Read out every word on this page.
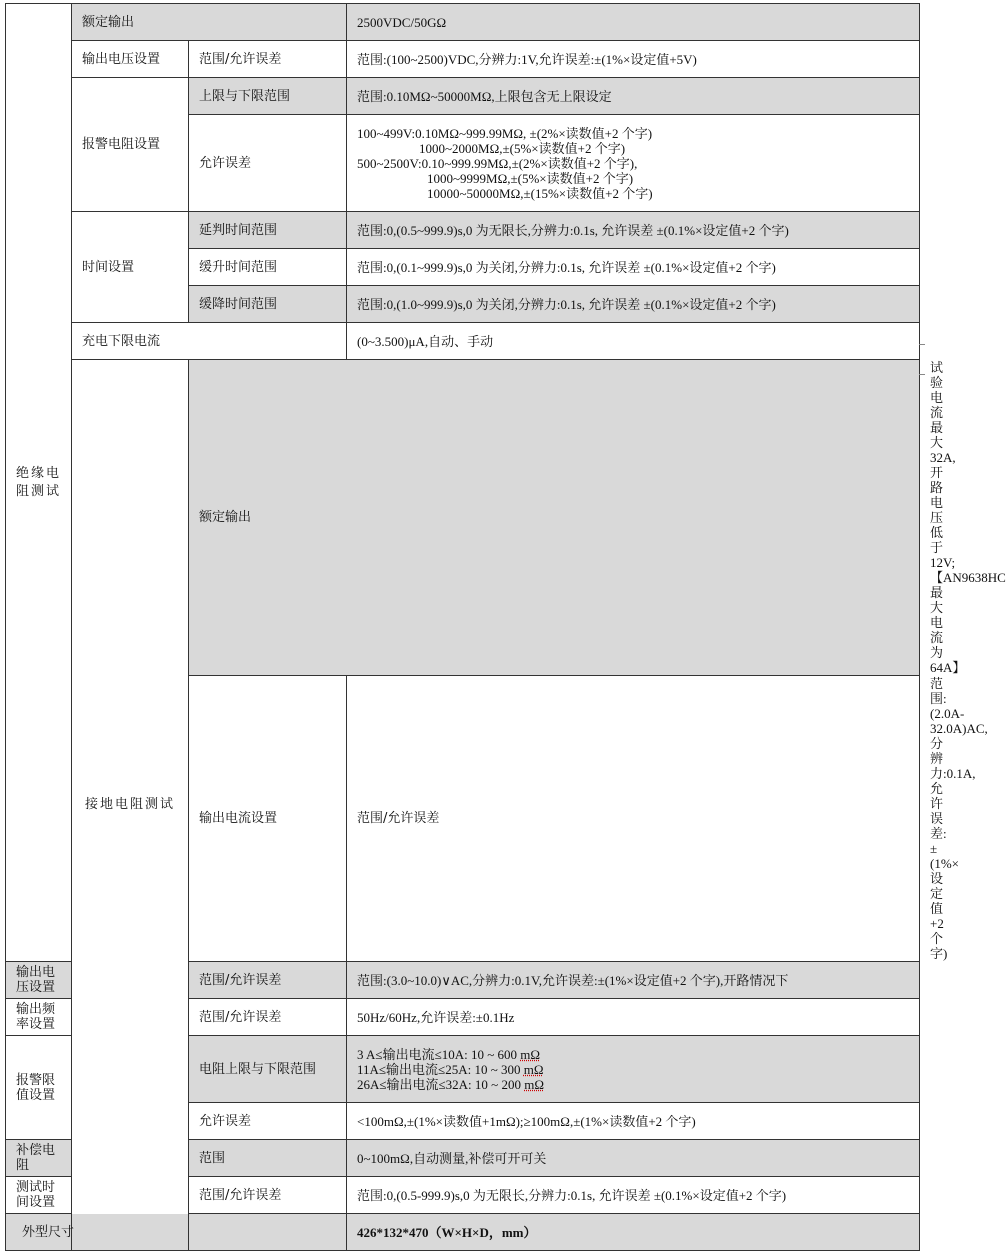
绝缘电阻测试	额定输出		2500VDC/50GΩ	
	输出电压设置	范围/允许误差	范围:(100~2500)VDC,分辨力:1V,允许误差:±(1%×设定值+5V)	
	报警电阻设置	上限与下限范围	范围:0.10MΩ~50000MΩ,上限包含无上限设定	
		允许误差	100~499V:0.10MΩ~999.99MΩ, ±(2%×读数值+2 个字)
1000~2000MΩ,±(5%×读数值+2 个字)
500~2500V:0.10~999.99MΩ,±(2%×读数值+2 个字),
1000~9999MΩ,±(5%×读数值+2 个字)
10000~50000MΩ,±(15%×读数值+2 个字)	

	时间设置	延判时间范围	范围:0,(0.5~999.9)s,0 为无限长,分辨力:0.1s, 允许误差 ±(0.1%×设定值+2 个字)	
		缓升时间范围	范围:0,(0.1~999.9)s,0 为关闭,分辨力:0.1s, 允许误差 ±(0.1%×设定值+2 个字)	
		缓降时间范围	范围:0,(1.0~999.9)s,0 为关闭,分辨力:0.1s, 允许误差 ±(0.1%×设定值+2 个字)	
	充电下限电流		(0~3.500)μA,自动、手动	
	接地电阻测试	额定输出		试验电流最大 32A, 开路电压低于 12V; 【AN9638HC 最大电流为 64A】
		输出电流设置	范围/允许误差	范围:(2.0A-32.0A)AC,分辨力:0.1A,允许误差:±(1%×设定值+2 个字)
输出电压设置		范围/允许误差	范围:(3.0~10.0)∨AC,分辨力:0.1V,允许误差:±(1%×设定值+2 个字),开路情况下	
输出频率设置		范围/允许误差	50Hz/60Hz,允许误差:±0.1Hz	
报警限值设置		电阻上限与下限范围	3 A≤输出电流≤10A: 10 ~ 600 mΩ
11A≤输出电流≤25A: 10 ~ 300 mΩ
26A≤输出电流≤32A: 10 ~ 200 mΩ	

		允许误差	<100mΩ,±(1%×读数值+1mΩ);≥100mΩ,±(1%×读数值+2 个字)	
补偿电阻		范围	0~100mΩ,自动测量,补偿可开可关	
测试时间设置		范围/允许误差	范围:0,(0.5-999.9)s,0 为无限长,分辨力:0.1s, 允许误差 ±(0.1%×设定值+2 个字)	
外型尺寸			426*132*470（W×H×D，mm）	
